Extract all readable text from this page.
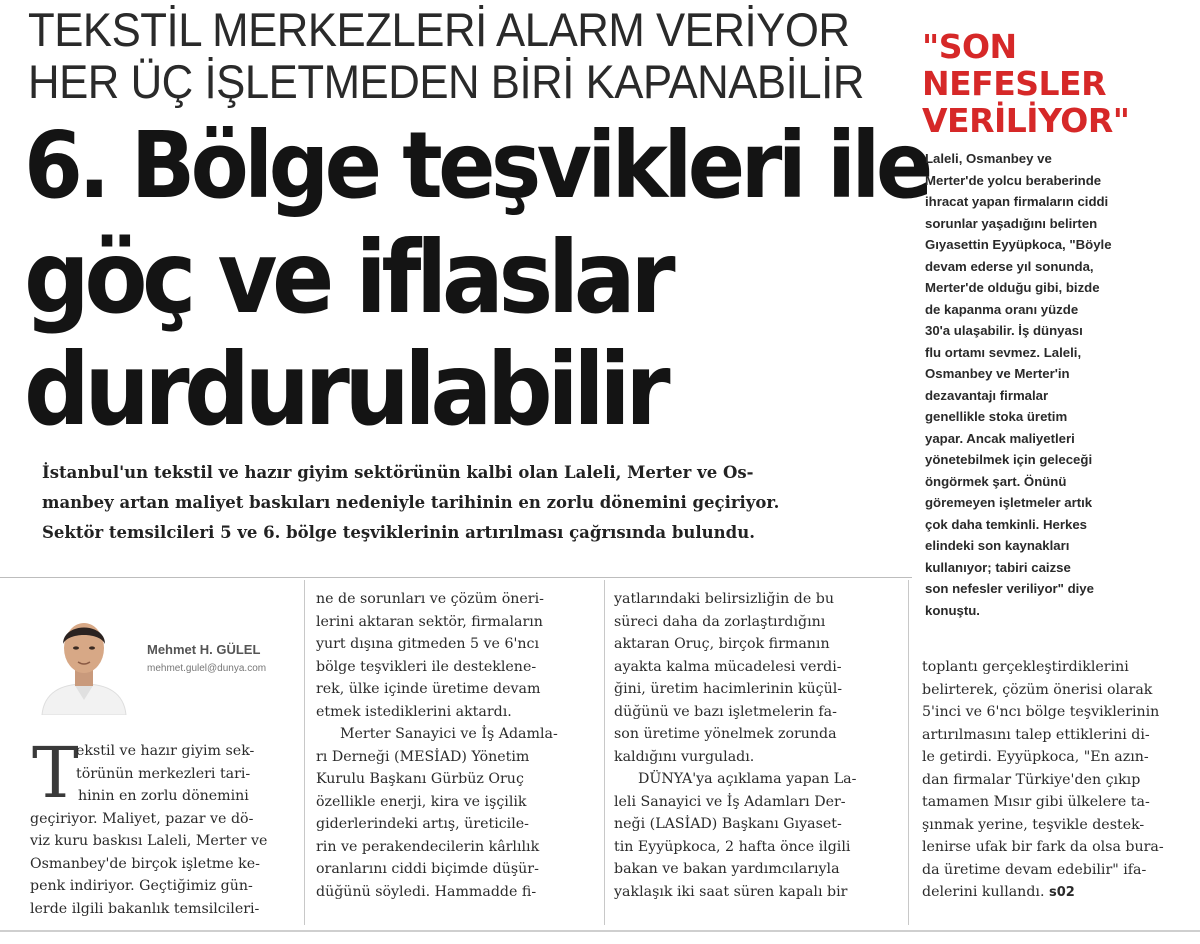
TEKSTİL MERKEZLERİ ALARM VERİYOR
HER ÜÇ İŞLETMEDEN BİRİ KAPANABİLİR
6. Bölge teşvikleri ile
göç ve iflaslar
durdurulabilir
İstanbul'un tekstil ve hazır giyim sektörünün kalbi olan Laleli, Merter ve Os-
manbey artan maliyet baskıları nedeniyle tarihinin en zorlu dönemini geçiriyor.
Sektör temsilcileri 5 ve 6. bölge teşviklerinin artırılması çağrısında bulundu.
Mehmet H. GÜLEL
mehmet.gulel@dunya.com
T
ekstil ve hazır giyim sek-
törünün merkezleri tari-
hinin en zorlu dönemini
geçiriyor. Maliyet, pazar ve dö-
viz kuru baskısı Laleli, Merter ve
Osmanbey'de birçok işletme ke-
penk indiriyor. Geçtiğimiz gün-
lerde ilgili bakanlık temsilcileri-
ne de sorunları ve çözüm öneri-
lerini aktaran sektör, firmaların
yurt dışına gitmeden 5 ve 6'ncı
bölge teşvikleri ile desteklene-
rek, ülke içinde üretime devam
etmek istediklerini aktardı.
Merter Sanayici ve İş Adamla-
rı Derneği (MESİAD) Yönetim
Kurulu Başkanı Gürbüz Oruç
özellikle enerji, kira ve işçilik
giderlerindeki artış, üreticile-
rin ve perakendecilerin kârlılık
oranlarını ciddi biçimde düşür-
düğünü söyledi. Hammadde fi-
yatlarındaki belirsizliğin de bu
süreci daha da zorlaştırdığını
aktaran Oruç, birçok firmanın
ayakta kalma mücadelesi verdi-
ğini, üretim hacimlerinin küçül-
düğünü ve bazı işletmelerin fa-
son üretime yönelmek zorunda
kaldığını vurguladı.
DÜNYA'ya açıklama yapan La-
leli Sanayici ve İş Adamları Der-
neği (LASİAD) Başkanı Gıyaset-
tin Eyyüpkoca, 2 hafta önce ilgili
bakan ve bakan yardımcılarıyla
yaklaşık iki saat süren kapalı bir
toplantı gerçekleştirdiklerini
belirterek, çözüm önerisi olarak
5'inci ve 6'ncı bölge teşviklerinin
artırılmasını talep ettiklerini di-
le getirdi. Eyyüpkoca, "En azın-
dan firmalar Türkiye'den çıkıp
tamamen Mısır gibi ülkelere ta-
şınmak yerine, teşvikle destek-
lenirse ufak bir fark da olsa bura-
da üretime devam edebilir" ifa-
delerini kullandı. s02
"SON
NEFESLER
VERİLİYOR"
Laleli, Osmanbey ve
Merter'de yolcu beraberinde
ihracat yapan firmaların ciddi
sorunlar yaşadığını belirten
Gıyasettin Eyyüpkoca, "Böyle
devam ederse yıl sonunda,
Merter'de olduğu gibi, bizde
de kapanma oranı yüzde
30'a ulaşabilir. İş dünyası
flu ortamı sevmez. Laleli,
Osmanbey ve Merter'in
dezavantajı firmalar
genellikle stoka üretim
yapar. Ancak maliyetleri
yönetebilmek için geleceği
öngörmek şart. Önünü
göremeyen işletmeler artık
çok daha temkinli. Herkes
elindeki son kaynakları
kullanıyor; tabiri caizse
son nefesler veriliyor" diye
konuştu.
